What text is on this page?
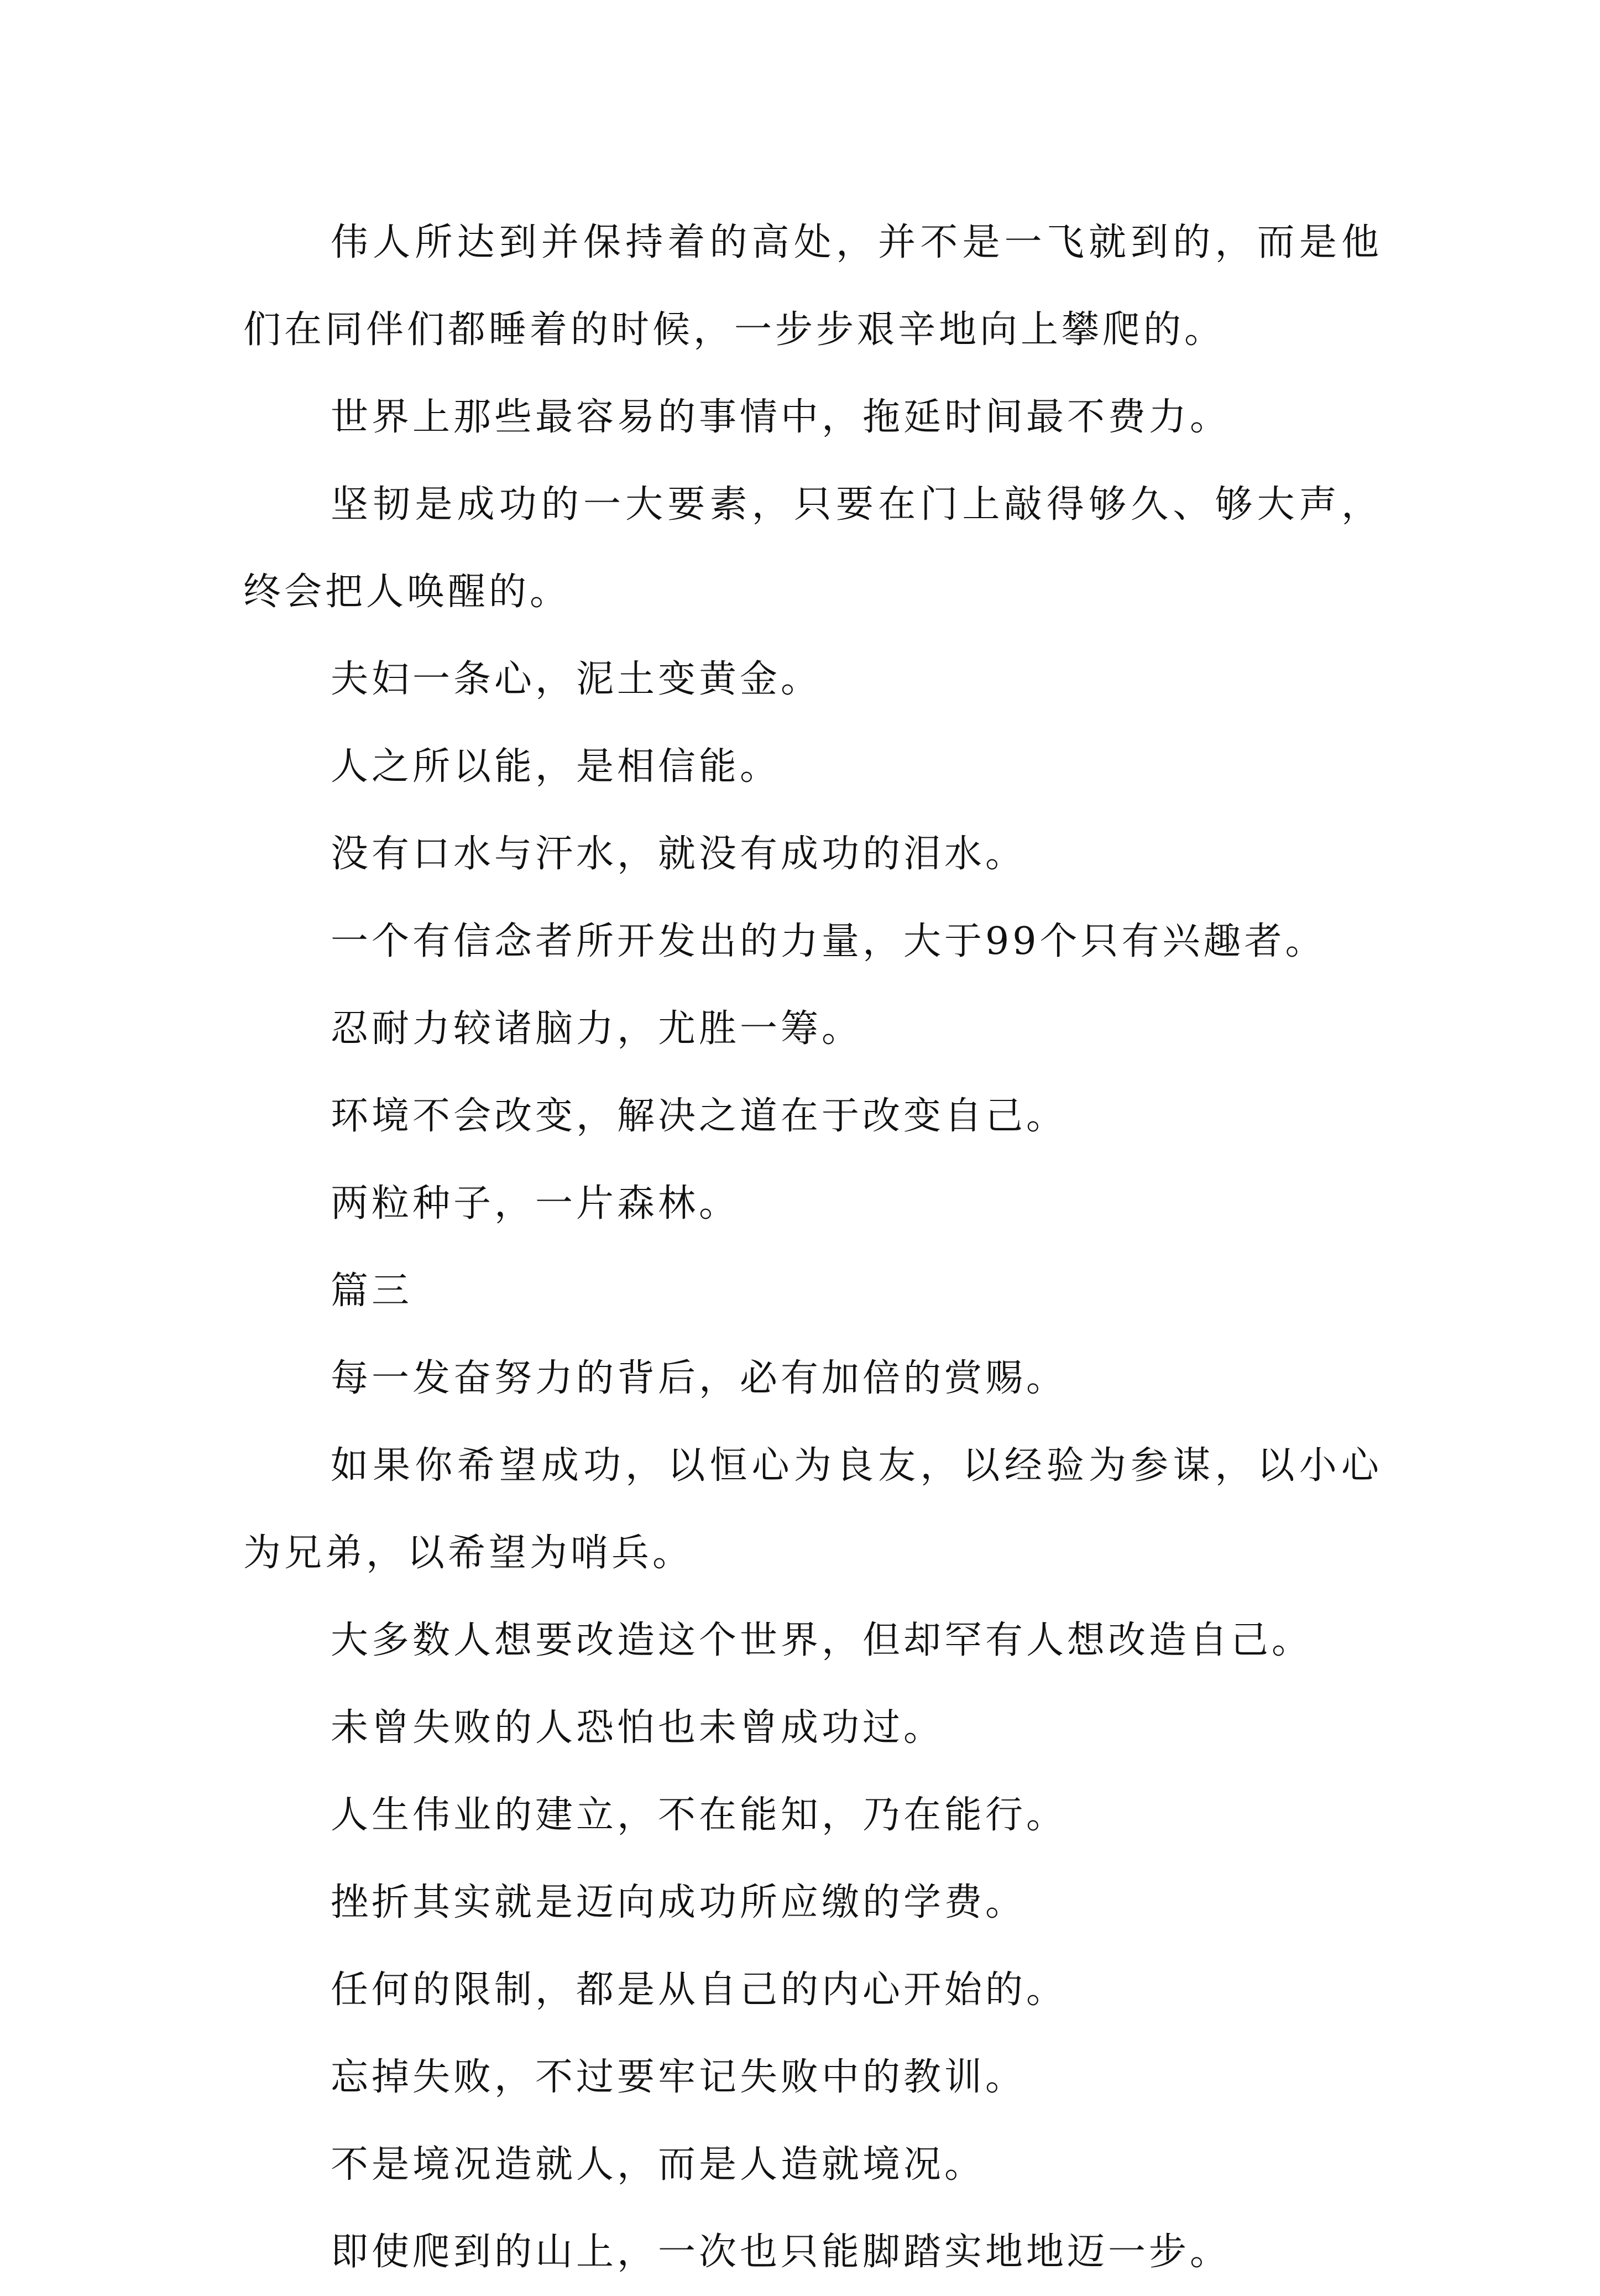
伟人所达到并保持着的高处，并不是一飞就到的，而是他们在同伴们都睡着的时候，一步步艰辛地向上攀爬的。

世界上那些最容易的事情中，拖延时间最不费力。

坚韧是成功的一大要素，只要在门上敲得够久、够大声，终会把人唤醒的。

夫妇一条心，泥土变黄金。

人之所以能，是相信能。

没有口水与汗水，就没有成功的泪水。

一个有信念者所开发出的力量，大于99个只有兴趣者。

忍耐力较诸脑力，尤胜一筹。

环境不会改变，解决之道在于改变自己。

两粒种子，一片森林。

篇三

每一发奋努力的背后，必有加倍的赏赐。

如果你希望成功，以恒心为良友，以经验为参谋，以小心为兄弟，以希望为哨兵。

大多数人想要改造这个世界，但却罕有人想改造自己。

未曾失败的人恐怕也未曾成功过。

人生伟业的建立，不在能知，乃在能行。

挫折其实就是迈向成功所应缴的学费。

任何的限制，都是从自己的内心开始的。

忘掉失败，不过要牢记失败中的教训。

不是境况造就人，而是人造就境况。

即使爬到的山上，一次也只能脚踏实地地迈一步。
